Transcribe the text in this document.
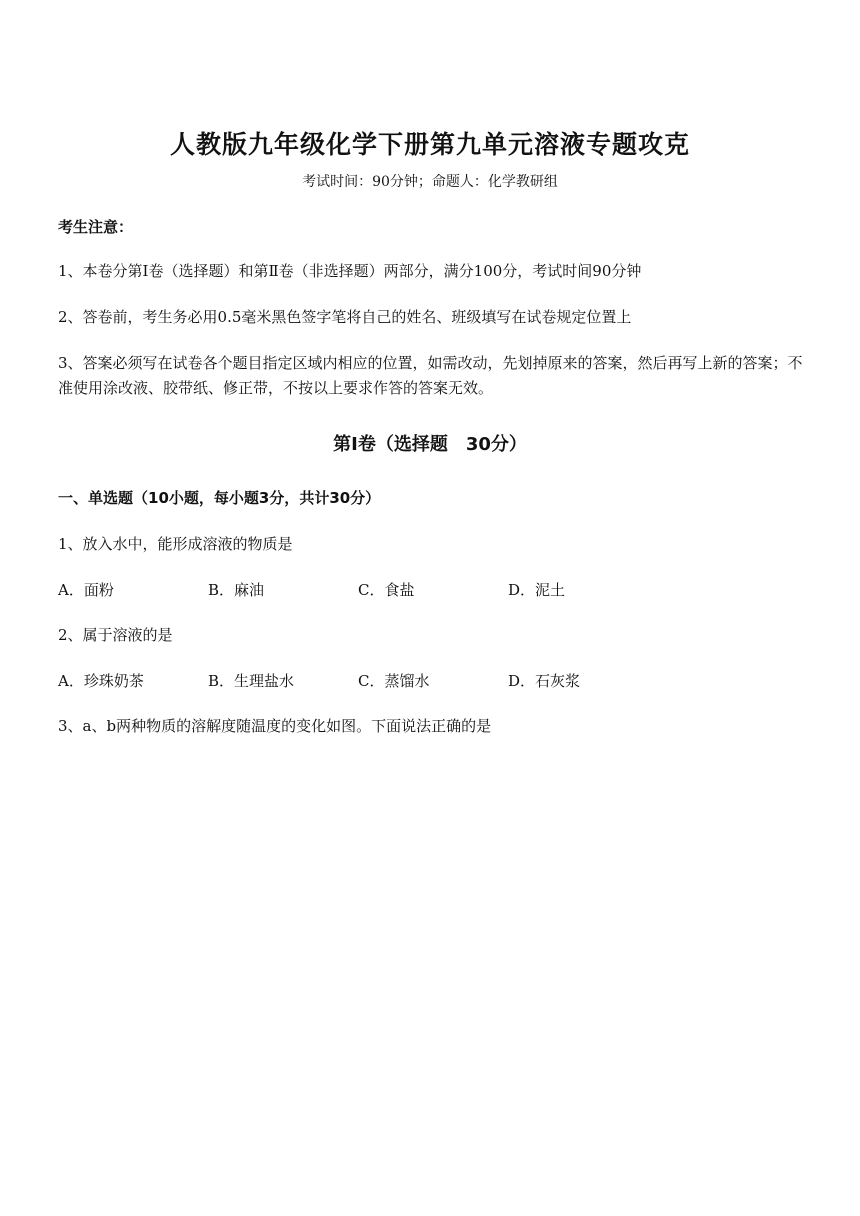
人教版九年级化学下册第九单元溶液专题攻克
考试时间：90分钟；命题人：化学教研组
考生注意：
1、本卷分第Ⅰ卷（选择题）和第Ⅱ卷（非选择题）两部分，满分100分，考试时间90分钟
2、答卷前，考生务必用0.5毫米黑色签字笔将自己的姓名、班级填写在试卷规定位置上
3、答案必须写在试卷各个题目指定区域内相应的位置，如需改动，先划掉原来的答案，然后再写上新的答案；不准使用涂改液、胶带纸、修正带，不按以上要求作答的答案无效。
第Ⅰ卷（选择题　30分）
一、单选题（10小题，每小题3分，共计30分）
1、放入水中，能形成溶液的物质是
A．面粉	B．麻油	C．食盐	D．泥土
2、属于溶液的是
A．珍珠奶茶	B．生理盐水	C．蒸馏水	D．石灰浆
3、a、b两种物质的溶解度随温度的变化如图。下面说法正确的是
